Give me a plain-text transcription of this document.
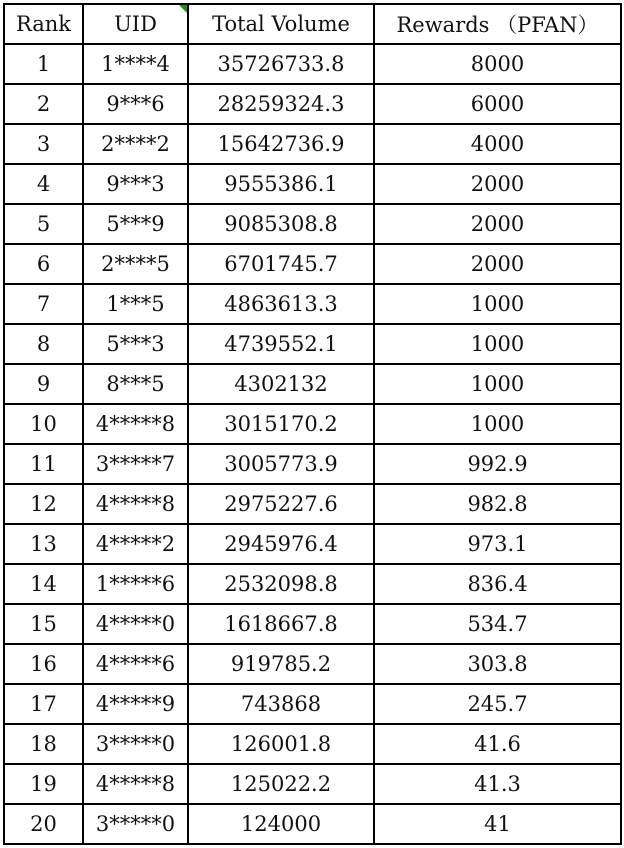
Rank	UID	Total Volume	Rewards （PFAN）
1	1****4	35726733.8	8000
2	9***6	28259324.3	6000
3	2****2	15642736.9	4000
4	9***3	9555386.1	2000
5	5***9	9085308.8	2000
6	2****5	6701745.7	2000
7	1***5	4863613.3	1000
8	5***3	4739552.1	1000
9	8***5	4302132	1000
10	4*****8	3015170.2	1000
11	3*****7	3005773.9	992.9
12	4*****8	2975227.6	982.8
13	4*****2	2945976.4	973.1
14	1*****6	2532098.8	836.4
15	4*****0	1618667.8	534.7
16	4*****6	919785.2	303.8
17	4*****9	743868	245.7
18	3*****0	126001.8	41.6
19	4*****8	125022.2	41.3
20	3*****0	124000	41
